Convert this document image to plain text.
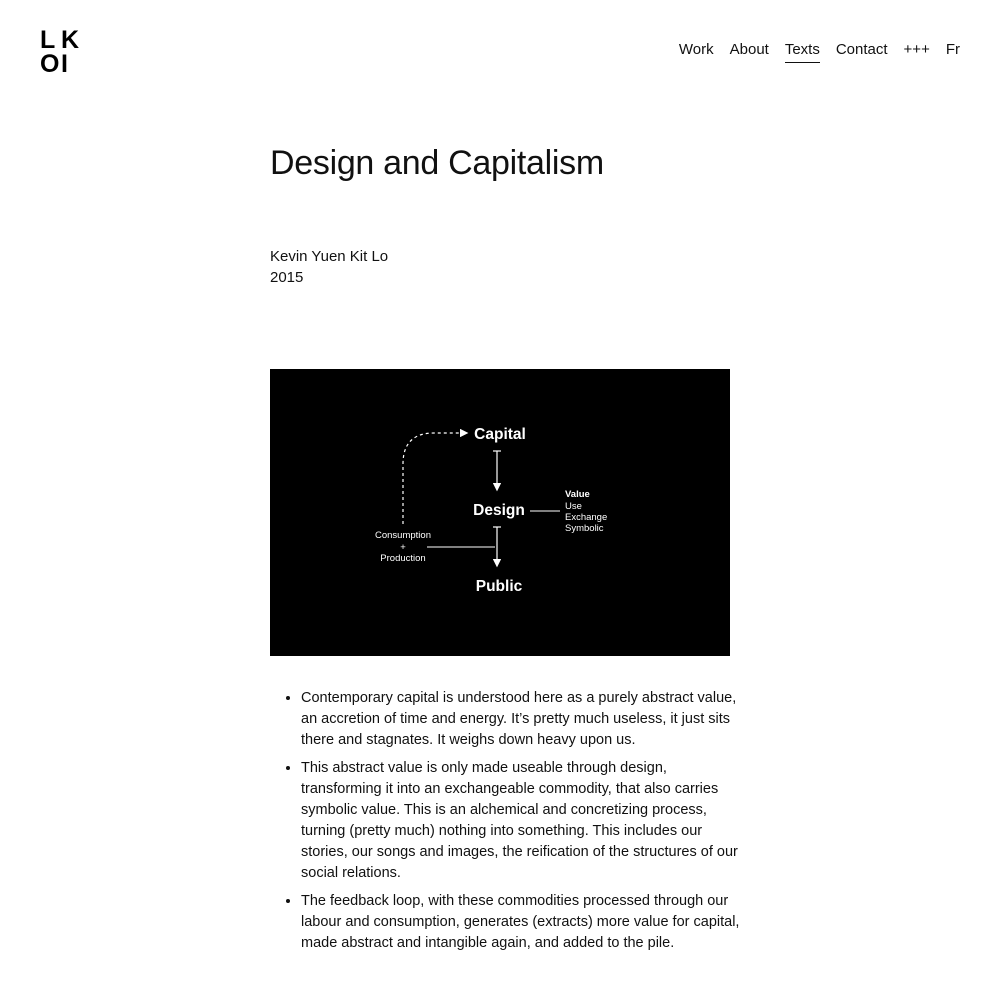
L K
O I
Work About Texts Contact +++ Fr
Design and Capitalism
Kevin Yuen Kit Lo
2015
Capital
Design
Public
Value
Use
Exchange
Symbolic
Consumption
+
Production
• Contemporary capital is understood here as a purely abstract value, an accretion of time and energy. It’s pretty much useless, it just sits there and stagnates. It weighs down heavy upon us.
• This abstract value is only made useable through design, transforming it into an exchangeable commodity, that also carries symbolic value. This is an alchemical and concretizing process, turning (pretty much) nothing into something. This includes our stories, our songs and images, the reification of the structures of our social relations.
• The feedback loop, with these commodities processed through our labour and consumption, generates (extracts) more value for capital, made abstract and intangible again, and added to the pile.
